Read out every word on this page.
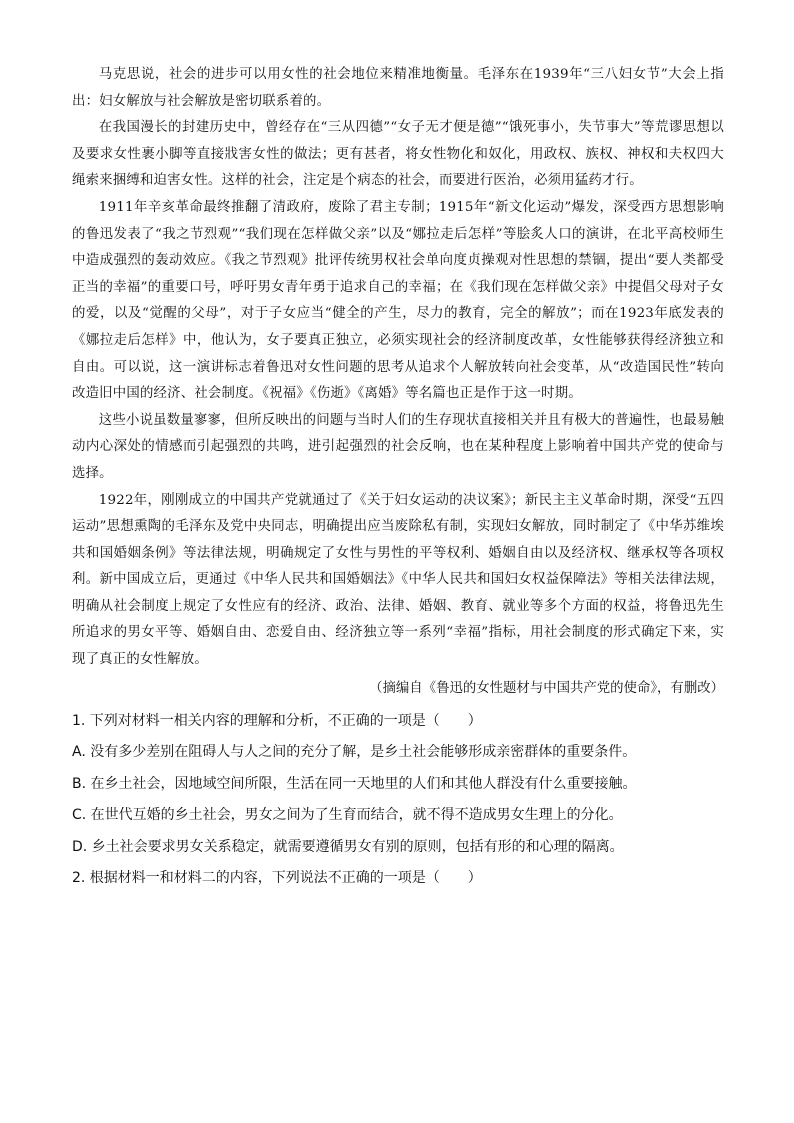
马克思说，社会的进步可以用女性的社会地位来精准地衡量。毛泽东在1939年“三八妇女节”大会上指出：妇女解放与社会解放是密切联系着的。

在我国漫长的封建历史中，曾经存在“三从四德”“女子无才便是德”“饿死事小，失节事大”等荒谬思想以及要求女性裹小脚等直接戕害女性的做法；更有甚者，将女性物化和奴化，用政权、族权、神权和夫权四大绳索来捆缚和迫害女性。这样的社会，注定是个病态的社会，而要进行医治，必须用猛药才行。

1911年辛亥革命最终推翻了清政府，废除了君主专制；1915年“新文化运动”爆发，深受西方思想影响的鲁迅发表了“我之节烈观”“我们现在怎样做父亲”以及“娜拉走后怎样”等脍炙人口的演讲，在北平高校师生中造成强烈的轰动效应。《我之节烈观》批评传统男权社会单向度贞操观对性思想的禁锢，提出“要人类都受正当的幸福”的重要口号，呼吁男女青年勇于追求自己的幸福；在《我们现在怎样做父亲》中提倡父母对子女的爱，以及“觉醒的父母”，对于子女应当“健全的产生，尽力的教育，完全的解放”；而在1923年底发表的《娜拉走后怎样》中，他认为，女子要真正独立，必须实现社会的经济制度改革，女性能够获得经济独立和自由。可以说，这一演讲标志着鲁迅对女性问题的思考从追求个人解放转向社会变革，从“改造国民性”转向改造旧中国的经济、社会制度。《祝福》《伤逝》《离婚》等名篇也正是作于这一时期。

这些小说虽数量寥寥，但所反映出的问题与当时人们的生存现状直接相关并且有极大的普遍性，也最易触动内心深处的情感而引起强烈的共鸣，进引起强烈的社会反响，也在某种程度上影响着中国共产党的使命与选择。

1922年，刚刚成立的中国共产党就通过了《关于妇女运动的决议案》；新民主主义革命时期，深受“五四运动”思想熏陶的毛泽东及党中央同志，明确提出应当废除私有制，实现妇女解放，同时制定了《中华苏维埃共和国婚姻条例》等法律法规，明确规定了女性与男性的平等权利、婚姻自由以及经济权、继承权等各项权利。新中国成立后，更通过《中华人民共和国婚姻法》《中华人民共和国妇女权益保障法》等相关法律法规，明确从社会制度上规定了女性应有的经济、政治、法律、婚姻、教育、就业等多个方面的权益，将鲁迅先生所追求的男女平等、婚姻自由、恋爱自由、经济独立等一系列“幸福”指标，用社会制度的形式确定下来，实现了真正的女性解放。

（摘编自《鲁迅的女性题材与中国共产党的使命》，有删改）

1. 下列对材料一相关内容的理解和分析，不正确的一项是（　　）

A. 没有多少差别在阻碍人与人之间的充分了解，是乡土社会能够形成亲密群体的重要条件。

B. 在乡土社会，因地域空间所限，生活在同一天地里的人们和其他人群没有什么重要接触。

C. 在世代互婚的乡土社会，男女之间为了生育而结合，就不得不造成男女生理上的分化。

D. 乡土社会要求男女关系稳定，就需要遵循男女有别的原则，包括有形的和心理的隔离。

2. 根据材料一和材料二的内容，下列说法不正确的一项是（　　）
